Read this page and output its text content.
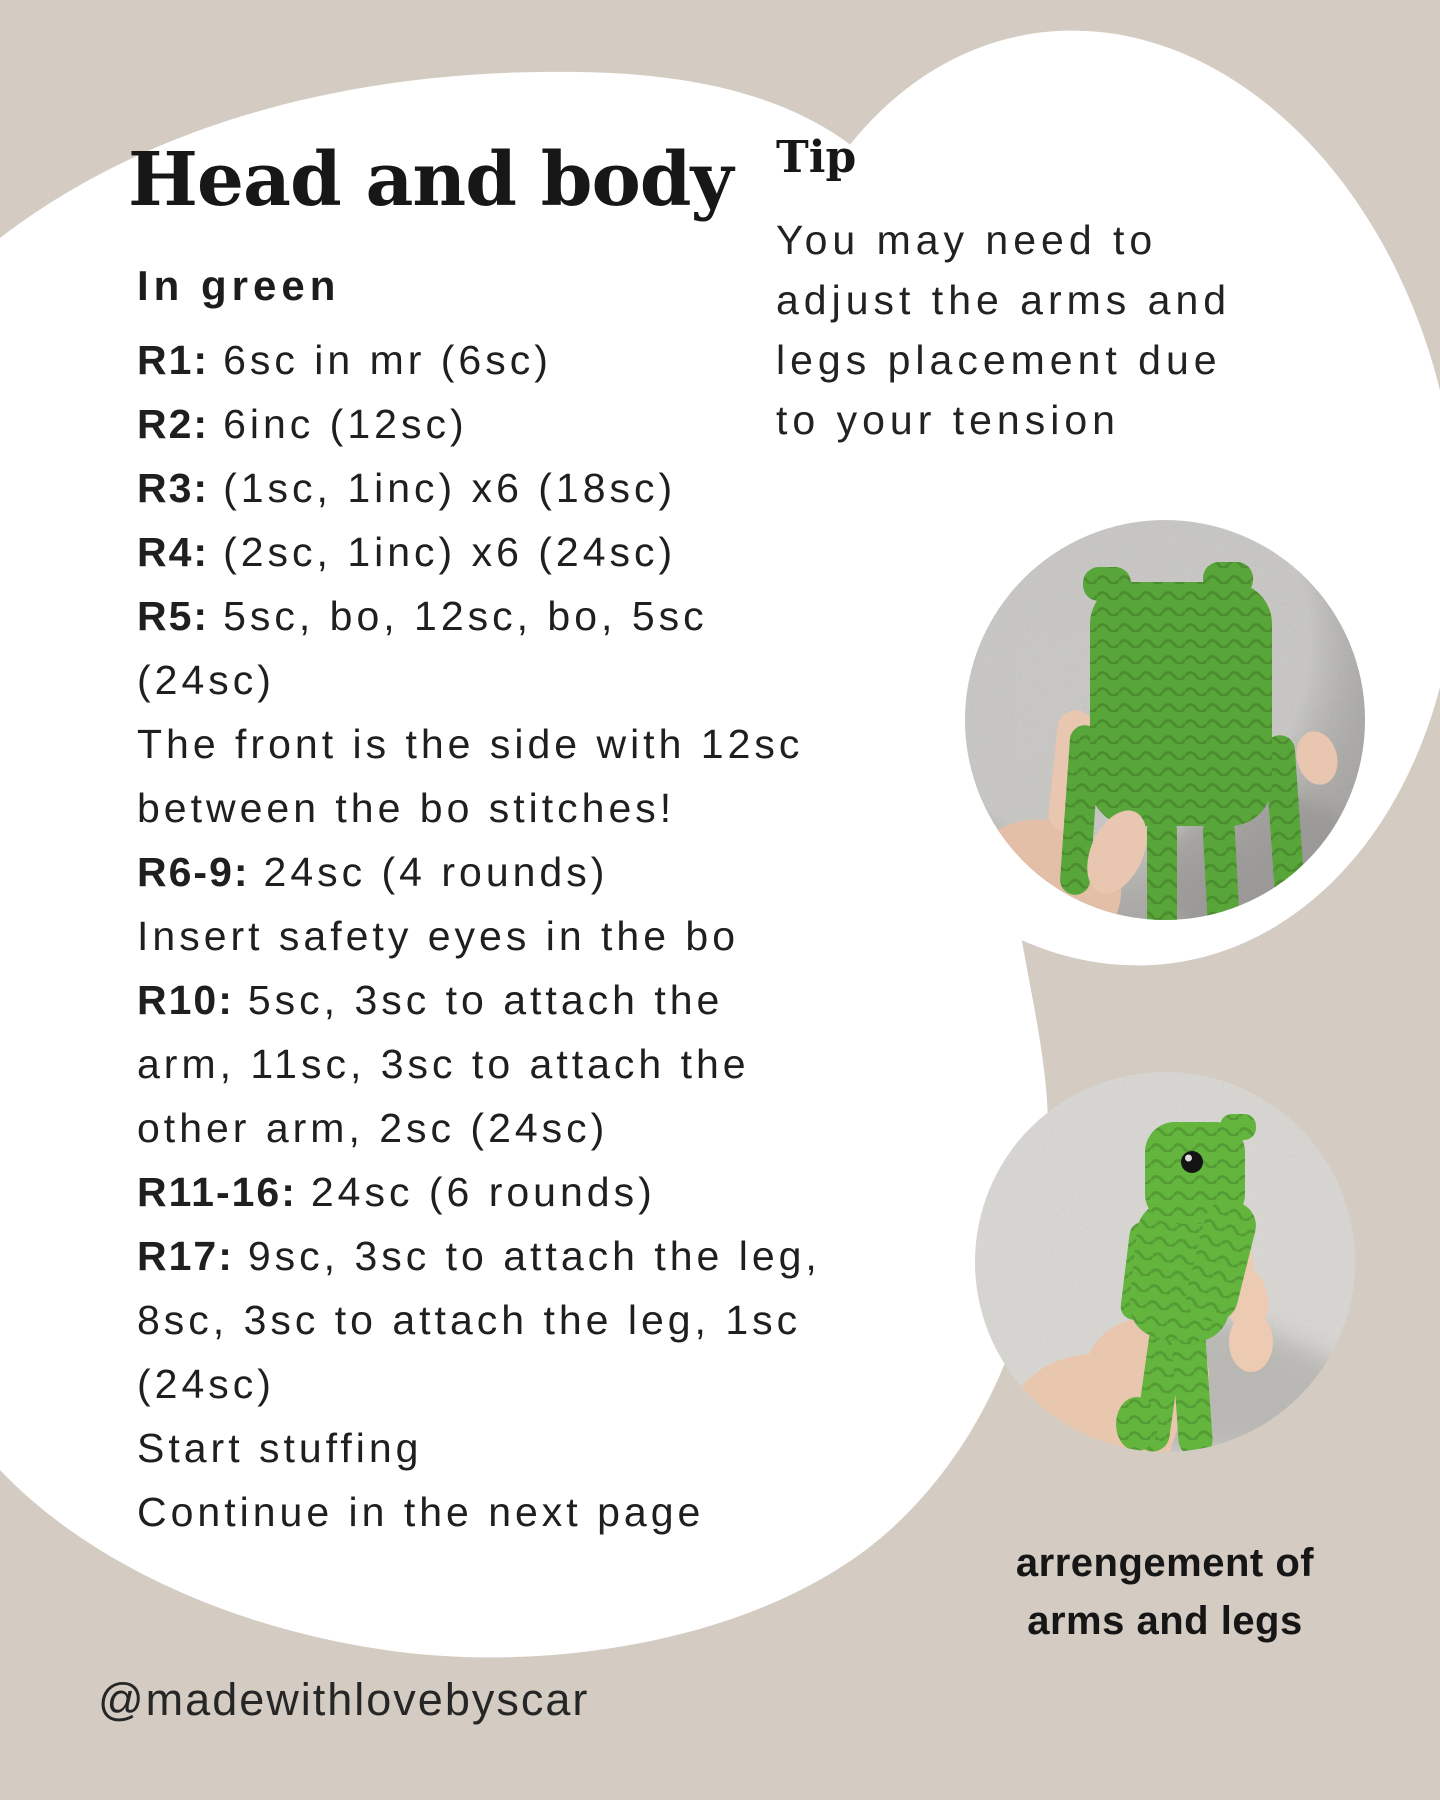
Head and body
In green
R1: 6sc in mr (6sc)
R2: 6inc (12sc)
R3: (1sc, 1inc) x6 (18sc)
R4: (2sc, 1inc) x6 (24sc)
R5: 5sc, bo, 12sc, bo, 5sc
(24sc)
The front is the side with 12sc
between the bo stitches!
R6-9: 24sc (4 rounds)
Insert safety eyes in the bo
R10: 5sc, 3sc to attach the
arm, 11sc, 3sc to attach the
other arm, 2sc (24sc)
R11-16: 24sc (6 rounds)
R17: 9sc, 3sc to attach the leg,
8sc, 3sc to attach the leg, 1sc
(24sc)
Start stuffing
Continue in the next page
Tip
You may need to
adjust the arms and
legs placement due
to your tension
arrengement of
arms and legs
@madewithlovebyscar
